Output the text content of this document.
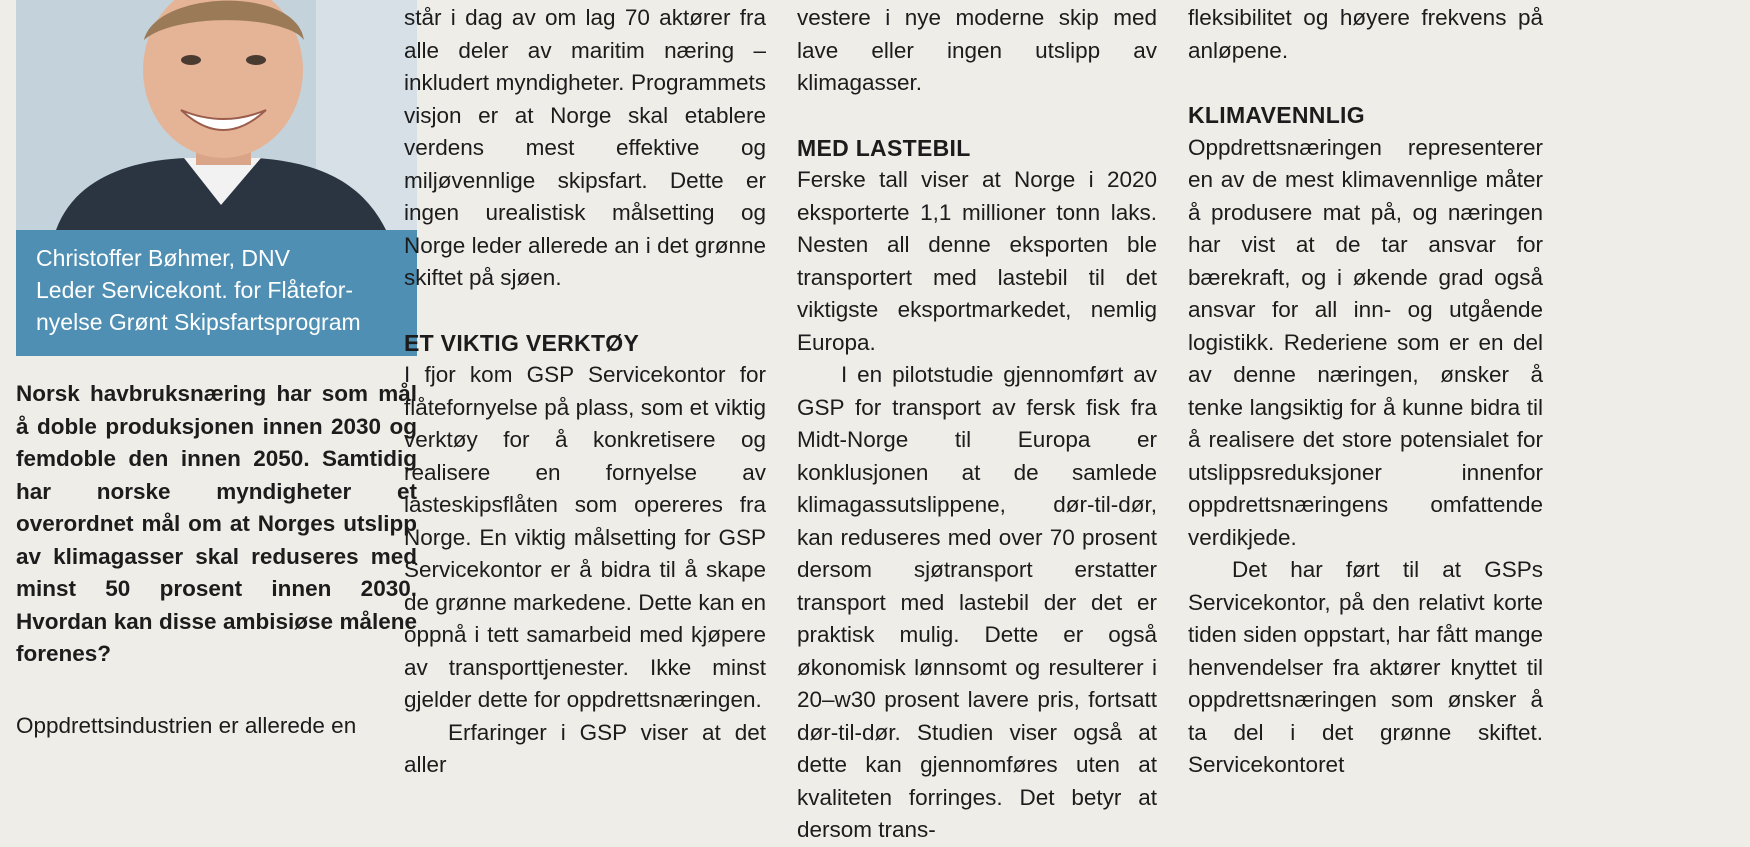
Christoffer Bøhmer, DNV
Leder Servicekont. for Flåtefor-
nyelse Grønt Skipsfartsprogram
Norsk havbruksnæring har som mål å doble produksjonen innen 2030 og femdoble den innen 2050. Samtidig har norske myndigheter et overordnet mål om at Norges utslipp av klimagasser skal reduseres med minst 50 prosent innen 2030. Hvordan kan disse ambisiøse målene forenes?
Oppdrettsindustrien er allerede en

står i dag av om lag 70 aktører fra alle deler av maritim næring – inkludert myndigheter. Programmets visjon er at Norge skal etablere verdens mest effektive og miljøvennlige skipsfart. Dette er ingen urealistisk målsetting og Norge leder allerede an i det grønne skiftet på sjøen.

ET VIKTIG VERKTØY

I fjor kom GSP Servicekontor for flåtefornyelse på plass, som et viktig verktøy for å konkretisere og realisere en fornyelse av lasteskipsflåten som opereres fra Norge. En viktig målsetting for GSP Servicekontor er å bidra til å skape de grønne markedene. Dette kan en oppnå i tett samarbeid med kjøpere av transporttjenester. Ikke minst gjelder dette for oppdrettsnæringen.

Erfaringer i GSP viser at det aller

vestere i nye moderne skip med lave eller ingen utslipp av klimagasser.

MED LASTEBIL

Ferske tall viser at Norge i 2020 eksporterte 1,1 millioner tonn laks. Nesten all denne eksporten ble transportert med lastebil til det viktigste eksportmarkedet, nemlig Europa.

I en pilotstudie gjennomført av GSP for transport av fersk fisk fra Midt-Norge til Europa er konklusjonen at de samlede klimagassutslippene, dør-til-dør, kan reduseres med over 70 prosent dersom sjøtransport erstatter transport med lastebil der det er praktisk mulig. Dette er også økonomisk lønnsomt og resulterer i 20–w30 prosent lavere pris, fortsatt dør-til-dør. Studien viser også at dette kan gjennomføres uten at kvaliteten forringes. Det betyr at dersom trans-

fleksibilitet og høyere frekvens på anløpene.

KLIMAVENNLIG

Oppdrettsnæringen representerer en av de mest klimavennlige måter å produsere mat på, og næringen har vist at de tar ansvar for bærekraft, og i økende grad også ansvar for all inn- og utgående logistikk. Rederiene som er en del av denne næringen, ønsker å tenke langsiktig for å kunne bidra til å realisere det store potensialet for utslippsreduksjoner innenfor oppdrettsnæringens omfattende verdikjede.

Det har ført til at GSPs Servicekontor, på den relativt korte tiden siden oppstart, har fått mange henvendelser fra aktører knyttet til oppdrettsnæringen som ønsker å ta del i det grønne skiftet. Servicekontoret
